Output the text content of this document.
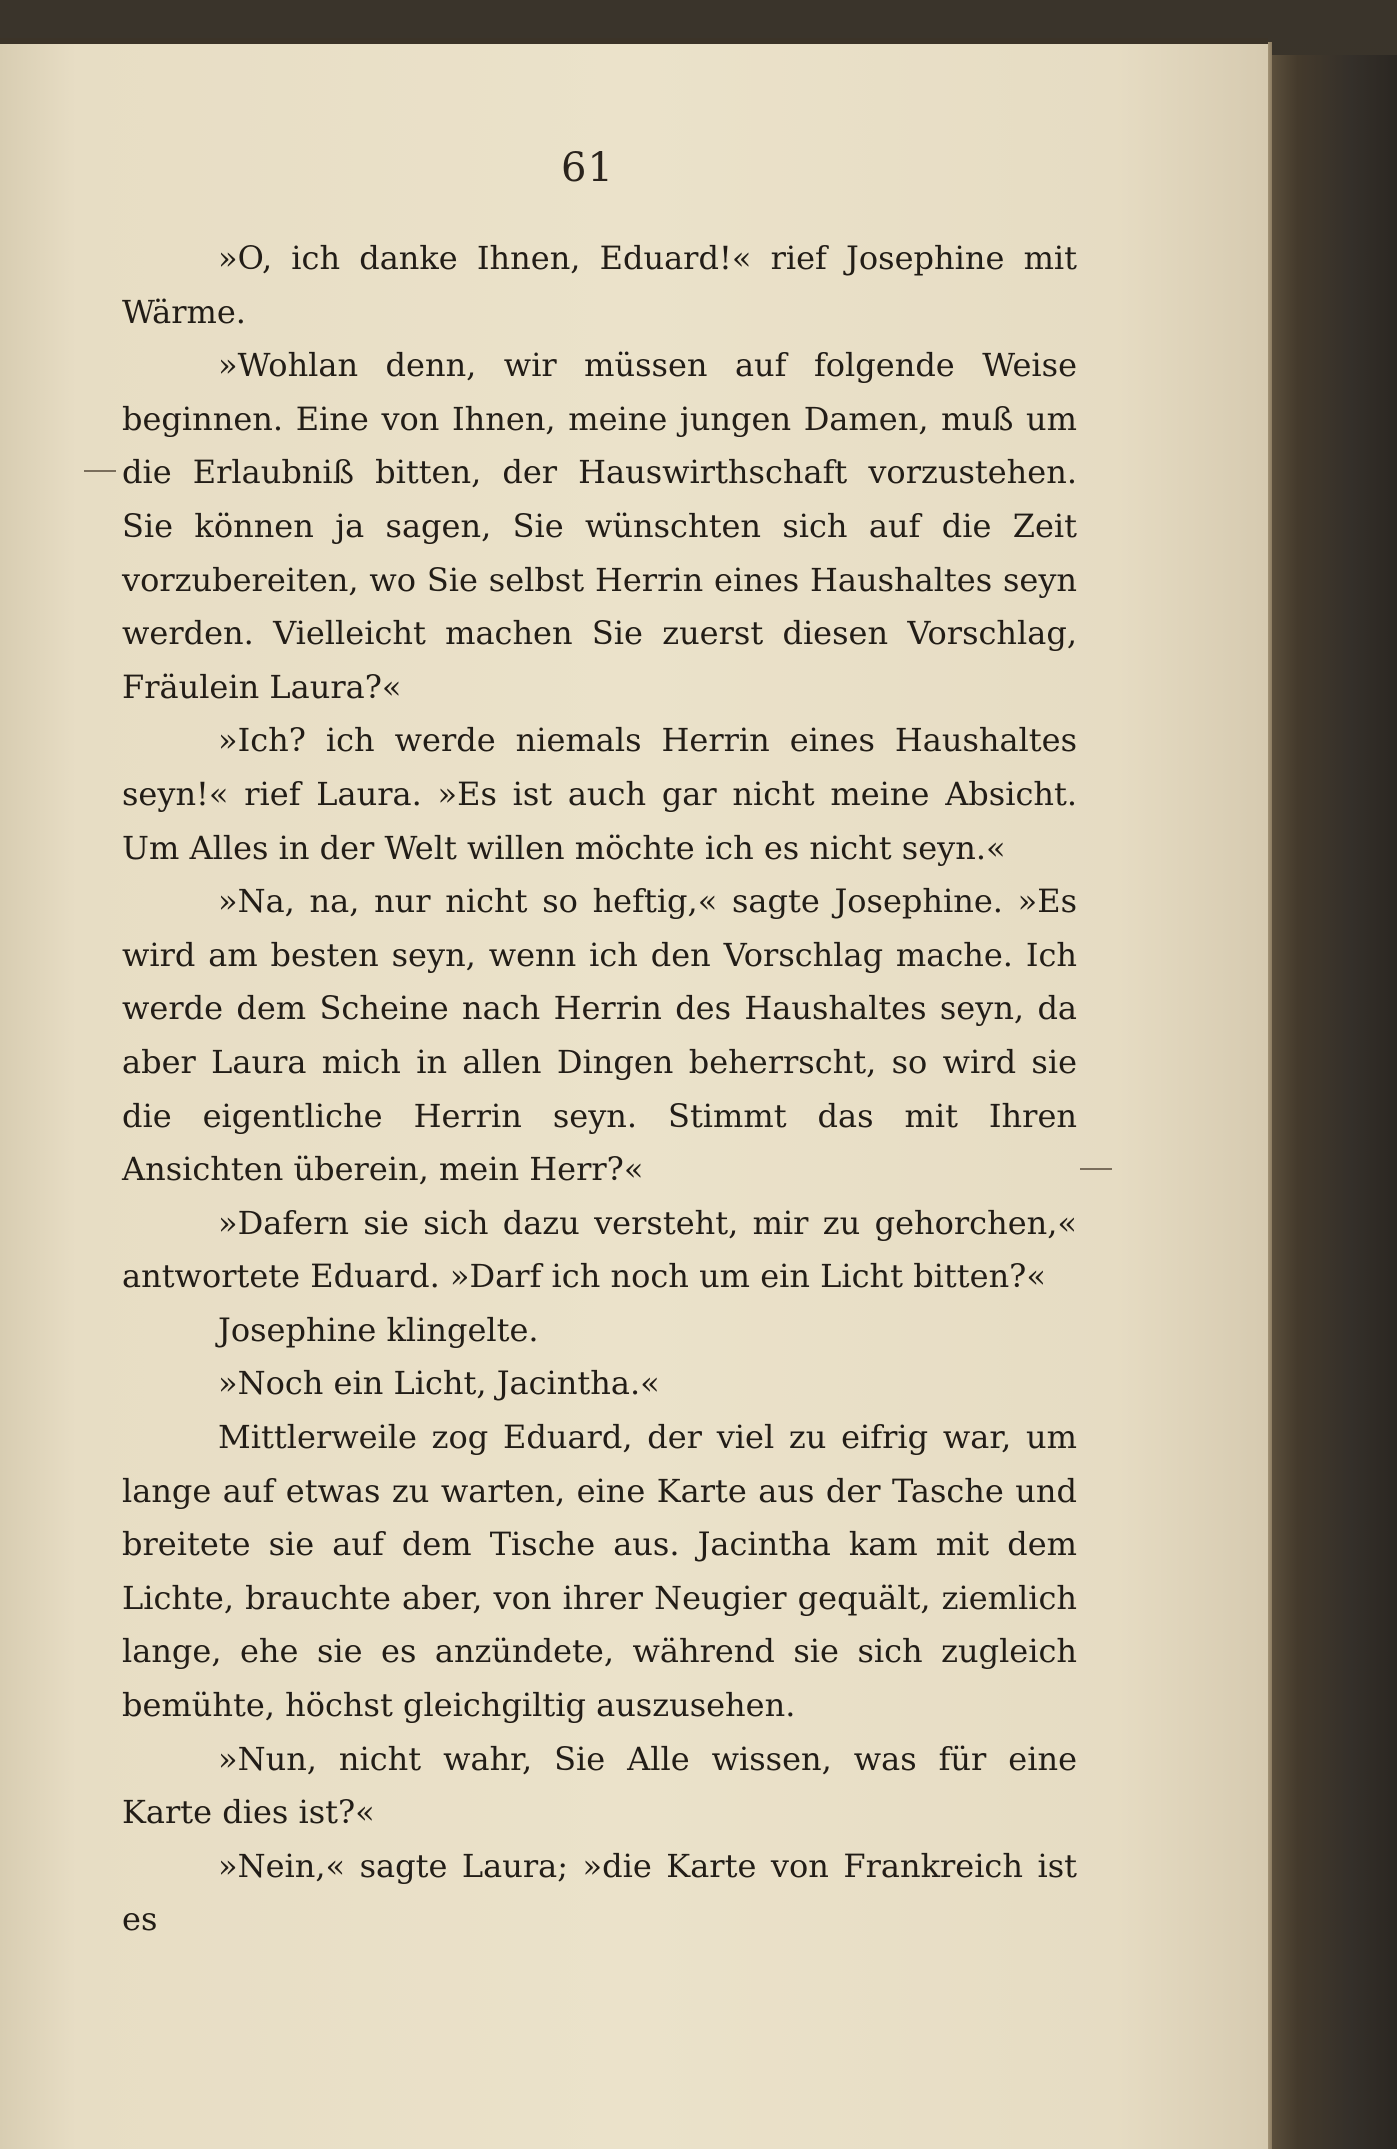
61

»O, ich danke Ihnen, Eduard!« rief Josephine mit Wärme.

»Wohlan denn, wir müssen auf folgende Weise beginnen. Eine von Ihnen, meine jungen Damen, muß um die Erlaubniß bitten, der Hauswirthschaft vorzustehen. Sie können ja sagen, Sie wünschten sich auf die Zeit vorzubereiten, wo Sie selbst Herrin eines Haushaltes seyn werden. Vielleicht machen Sie zuerst diesen Vorschlag, Fräulein Laura?«

»Ich? ich werde niemals Herrin eines Haushaltes seyn!« rief Laura. »Es ist auch gar nicht meine Absicht. Um Alles in der Welt willen möchte ich es nicht seyn.«

»Na, na, nur nicht so heftig,« sagte Josephine. »Es wird am besten seyn, wenn ich den Vorschlag mache. Ich werde dem Scheine nach Herrin des Haushaltes seyn, da aber Laura mich in allen Dingen beherrscht, so wird sie die eigentliche Herrin seyn. Stimmt das mit Ihren Ansichten überein, mein Herr?«

»Dafern sie sich dazu versteht, mir zu gehorchen,« antwortete Eduard. »Darf ich noch um ein Licht bitten?«

Josephine klingelte.

»Noch ein Licht, Jacintha.«

Mittlerweile zog Eduard, der viel zu eifrig war, um lange auf etwas zu warten, eine Karte aus der Tasche und breitete sie auf dem Tische aus. Jacintha kam mit dem Lichte, brauchte aber, von ihrer Neugier gequält, ziemlich lange, ehe sie es anzündete, während sie sich zugleich bemühte, höchst gleichgiltig auszusehen.

»Nun, nicht wahr, Sie Alle wissen, was für eine Karte dies ist?«

»Nein,« sagte Laura; »die Karte von Frankreich ist es
